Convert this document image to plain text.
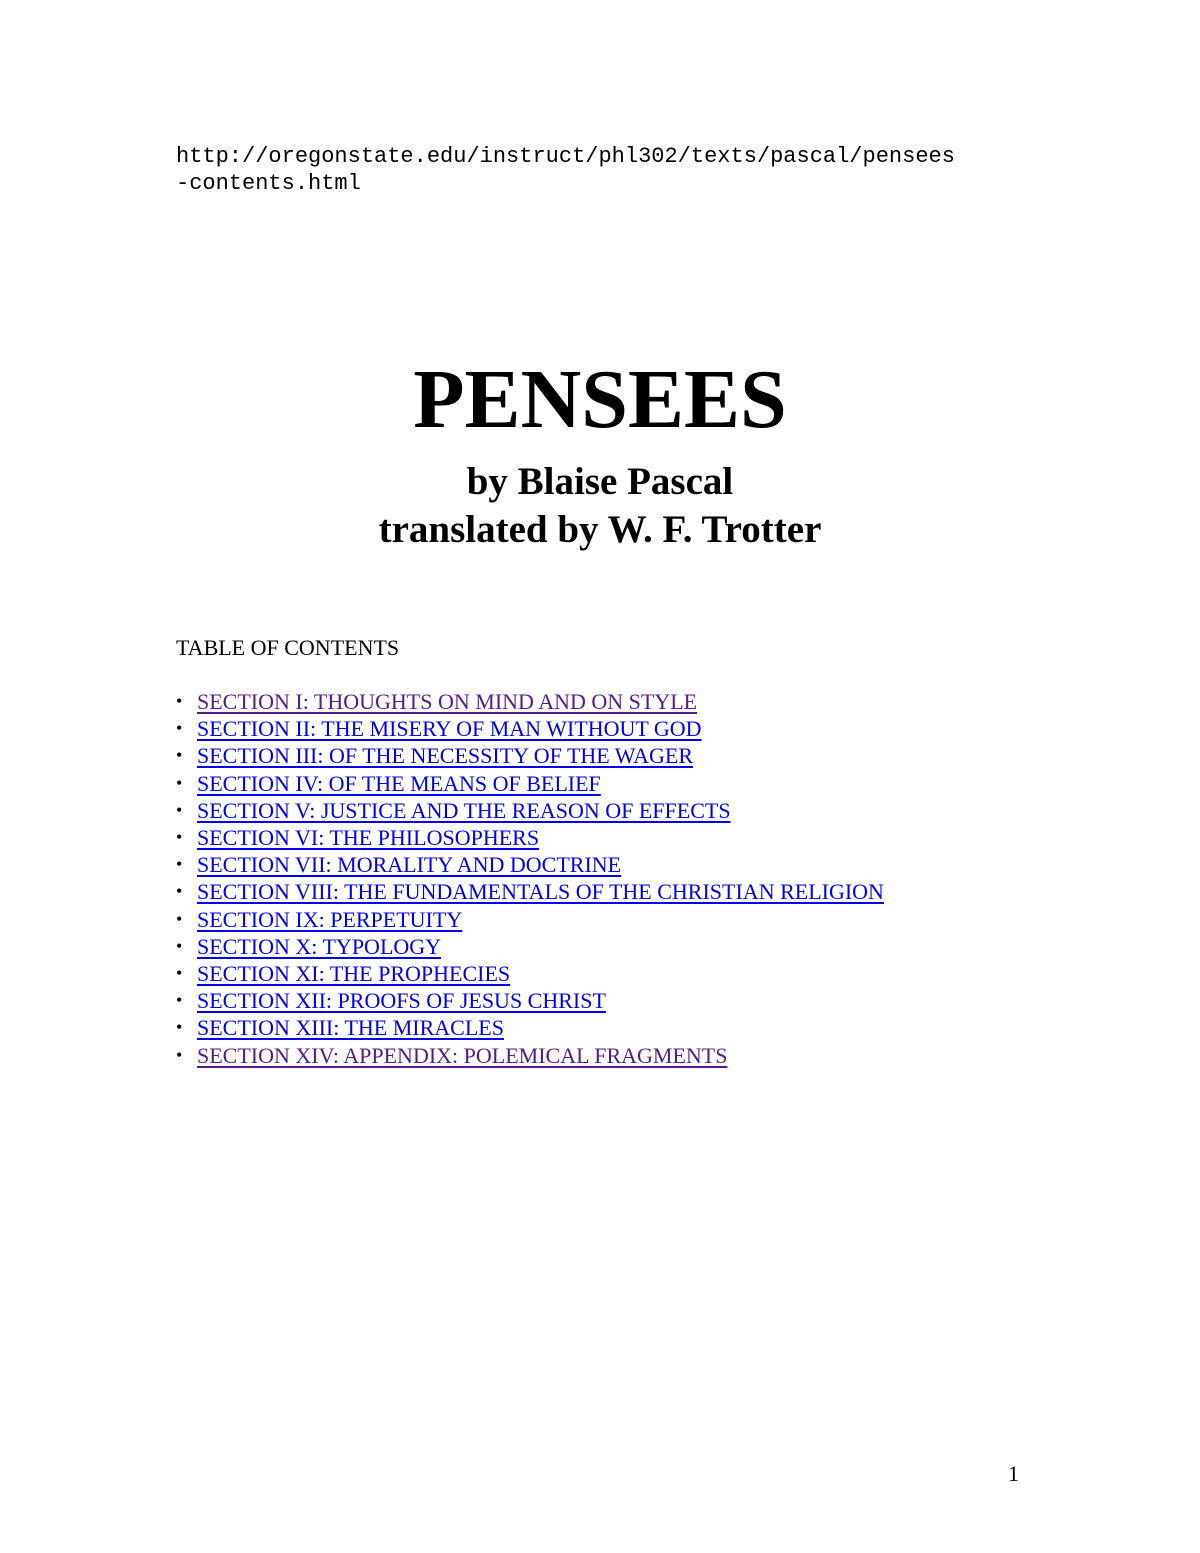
http://oregonstate.edu/instruct/phl302/texts/pascal/pensees
-contents.html
PENSEES
by Blaise Pascal
translated by W. F. Trotter

TABLE OF CONTENTS

• SECTION I: THOUGHTS ON MIND AND ON STYLE
• SECTION II: THE MISERY OF MAN WITHOUT GOD
• SECTION III: OF THE NECESSITY OF THE WAGER
• SECTION IV: OF THE MEANS OF BELIEF
• SECTION V: JUSTICE AND THE REASON OF EFFECTS
• SECTION VI: THE PHILOSOPHERS
• SECTION VII: MORALITY AND DOCTRINE
• SECTION VIII: THE FUNDAMENTALS OF THE CHRISTIAN RELIGION
• SECTION IX: PERPETUITY
• SECTION X: TYPOLOGY
• SECTION XI: THE PROPHECIES
• SECTION XII: PROOFS OF JESUS CHRIST
• SECTION XIII: THE MIRACLES
• SECTION XIV: APPENDIX: POLEMICAL FRAGMENTS

1
